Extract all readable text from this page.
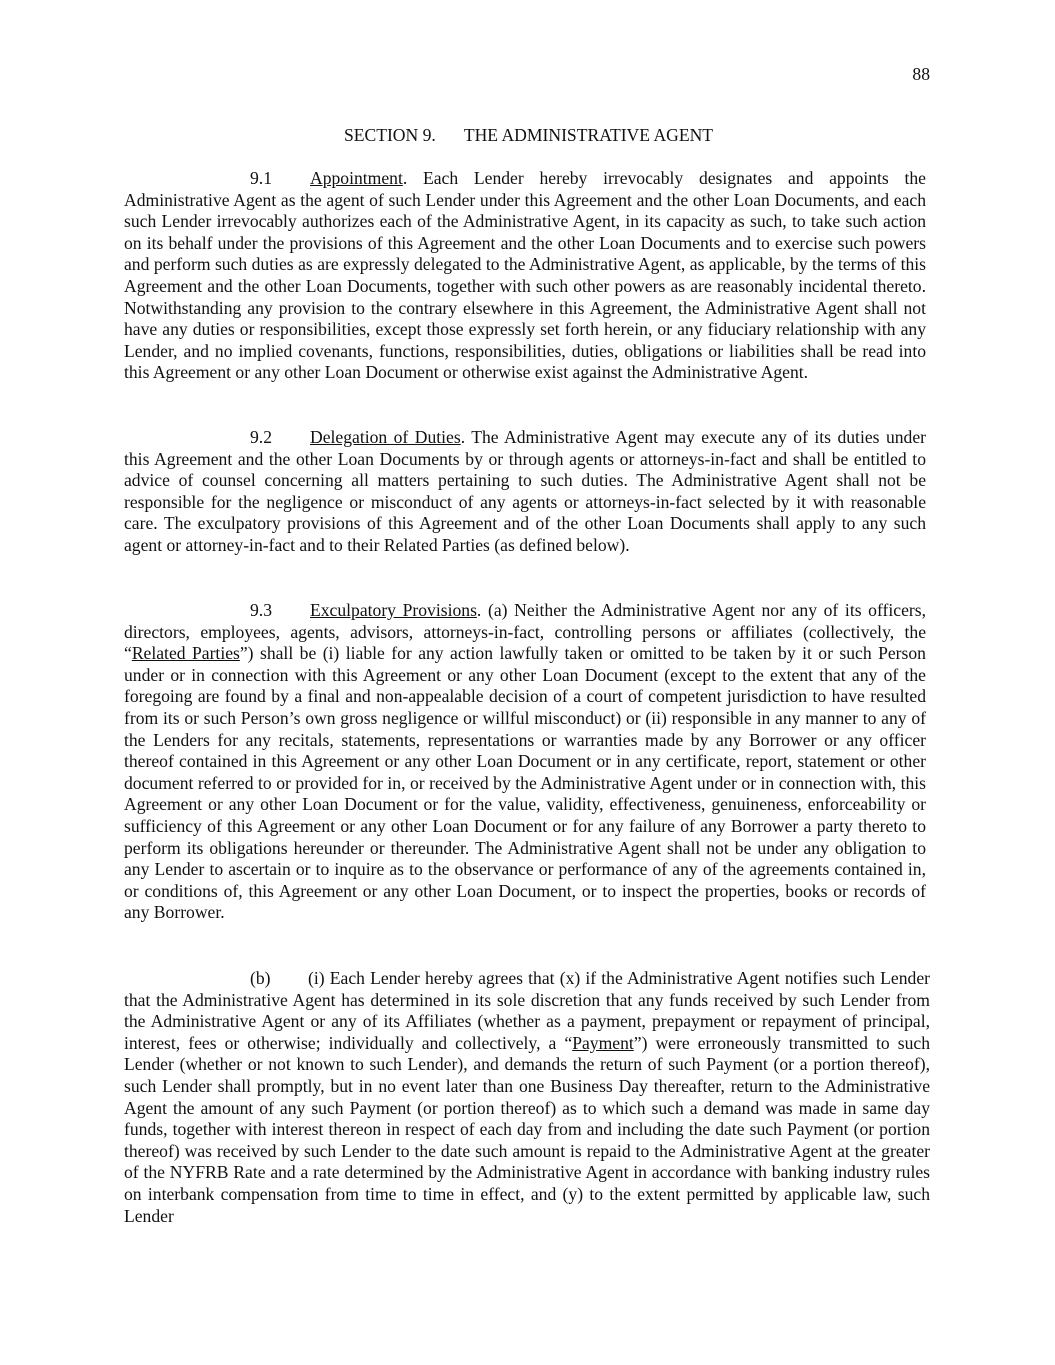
88
SECTION 9. THE ADMINISTRATIVE AGENT

9.1 Appointment. Each Lender hereby irrevocably designates and appoints the Administrative Agent as the agent of such Lender under this Agreement and the other Loan Documents, and each such Lender irrevocably authorizes each of the Administrative Agent, in its capacity as such, to take such action on its behalf under the provisions of this Agreement and the other Loan Documents and to exercise such powers and perform such duties as are expressly delegated to the Administrative Agent, as applicable, by the terms of this Agreement and the other Loan Documents, together with such other powers as are reasonably incidental thereto. Notwithstanding any provision to the contrary elsewhere in this Agreement, the Administrative Agent shall not have any duties or responsibilities, except those expressly set forth herein, or any fiduciary relationship with any Lender, and no implied covenants, functions, responsibilities, duties, obligations or liabilities shall be read into this Agreement or any other Loan Document or otherwise exist against the Administrative Agent.

9.2 Delegation of Duties. The Administrative Agent may execute any of its duties under this Agreement and the other Loan Documents by or through agents or attorneys-in-fact and shall be entitled to advice of counsel concerning all matters pertaining to such duties. The Administrative Agent shall not be responsible for the negligence or misconduct of any agents or attorneys-in-fact selected by it with reasonable care. The exculpatory provisions of this Agreement and of the other Loan Documents shall apply to any such agent or attorney-in-fact and to their Related Parties (as defined below).

9.3 Exculpatory Provisions. (a) Neither the Administrative Agent nor any of its officers, directors, employees, agents, advisors, attorneys-in-fact, controlling persons or affiliates (collectively, the “Related Parties”) shall be (i) liable for any action lawfully taken or omitted to be taken by it or such Person under or in connection with this Agreement or any other Loan Document (except to the extent that any of the foregoing are found by a final and non-appealable decision of a court of competent jurisdiction to have resulted from its or such Person’s own gross negligence or willful misconduct) or (ii) responsible in any manner to any of the Lenders for any recitals, statements, representations or warranties made by any Borrower or any officer thereof contained in this Agreement or any other Loan Document or in any certificate, report, statement or other document referred to or provided for in, or received by the Administrative Agent under or in connection with, this Agreement or any other Loan Document or for the value, validity, effectiveness, genuineness, enforceability or sufficiency of this Agreement or any other Loan Document or for any failure of any Borrower a party thereto to perform its obligations hereunder or thereunder. The Administrative Agent shall not be under any obligation to any Lender to ascertain or to inquire as to the observance or performance of any of the agreements contained in, or conditions of, this Agreement or any other Loan Document, or to inspect the properties, books or records of any Borrower.

(b) (i) Each Lender hereby agrees that (x) if the Administrative Agent notifies such Lender that the Administrative Agent has determined in its sole discretion that any funds received by such Lender from the Administrative Agent or any of its Affiliates (whether as a payment, prepayment or repayment of principal, interest, fees or otherwise; individually and collectively, a “Payment”) were erroneously transmitted to such Lender (whether or not known to such Lender), and demands the return of such Payment (or a portion thereof), such Lender shall promptly, but in no event later than one Business Day thereafter, return to the Administrative Agent the amount of any such Payment (or portion thereof) as to which such a demand was made in same day funds, together with interest thereon in respect of each day from and including the date such Payment (or portion thereof) was received by such Lender to the date such amount is repaid to the Administrative Agent at the greater of the NYFRB Rate and a rate determined by the Administrative Agent in accordance with banking industry rules on interbank compensation from time to time in effect, and (y) to the extent permitted by applicable law, such Lender
